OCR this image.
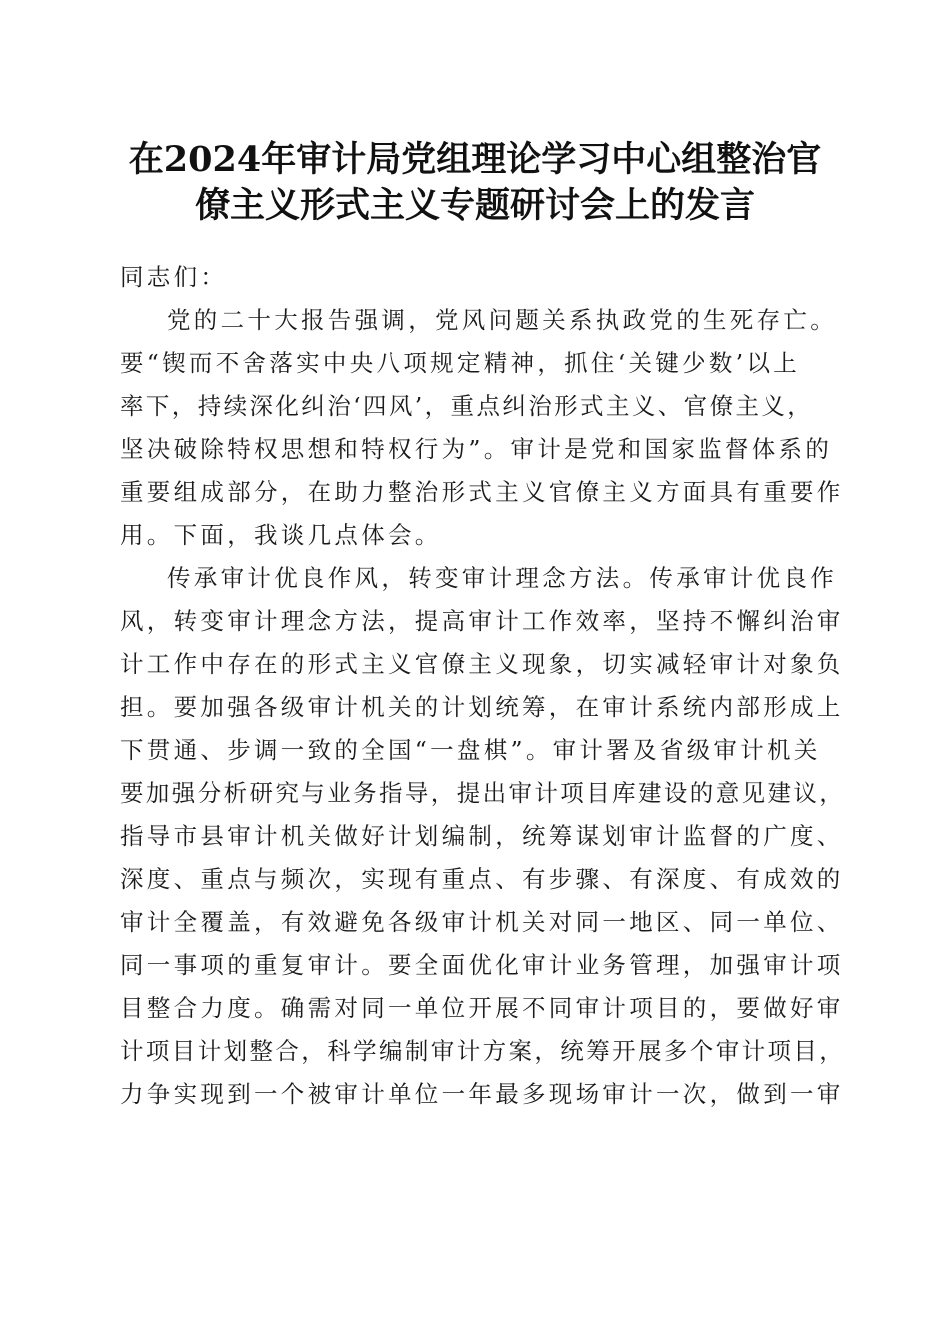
在2024年审计局党组理论学习中心组整治官
僚主义形式主义专题研讨会上的发言
同志们：
党的二十大报告强调，党风问题关系执政党的生死存亡。
要“锲而不舍落实中央八项规定精神，抓住‘关键少数’以上
率下，持续深化纠治‘四风’，重点纠治形式主义、官僚主义，
坚决破除特权思想和特权行为”。审计是党和国家监督体系的
重要组成部分，在助力整治形式主义官僚主义方面具有重要作
用。下面，我谈几点体会。
传承审计优良作风，转变审计理念方法。传承审计优良作
风，转变审计理念方法，提高审计工作效率，坚持不懈纠治审
计工作中存在的形式主义官僚主义现象，切实减轻审计对象负
担。要加强各级审计机关的计划统筹，在审计系统内部形成上
下贯通、步调一致的全国“一盘棋”。审计署及省级审计机关
要加强分析研究与业务指导，提出审计项目库建设的意见建议，
指导市县审计机关做好计划编制，统筹谋划审计监督的广度、
深度、重点与频次，实现有重点、有步骤、有深度、有成效的
审计全覆盖，有效避免各级审计机关对同一地区、同一单位、
同一事项的重复审计。要全面优化审计业务管理，加强审计项
目整合力度。确需对同一单位开展不同审计项目的，要做好审
计项目计划整合，科学编制审计方案，统筹开展多个审计项目，
力争实现到一个被审计单位一年最多现场审计一次，做到一审
